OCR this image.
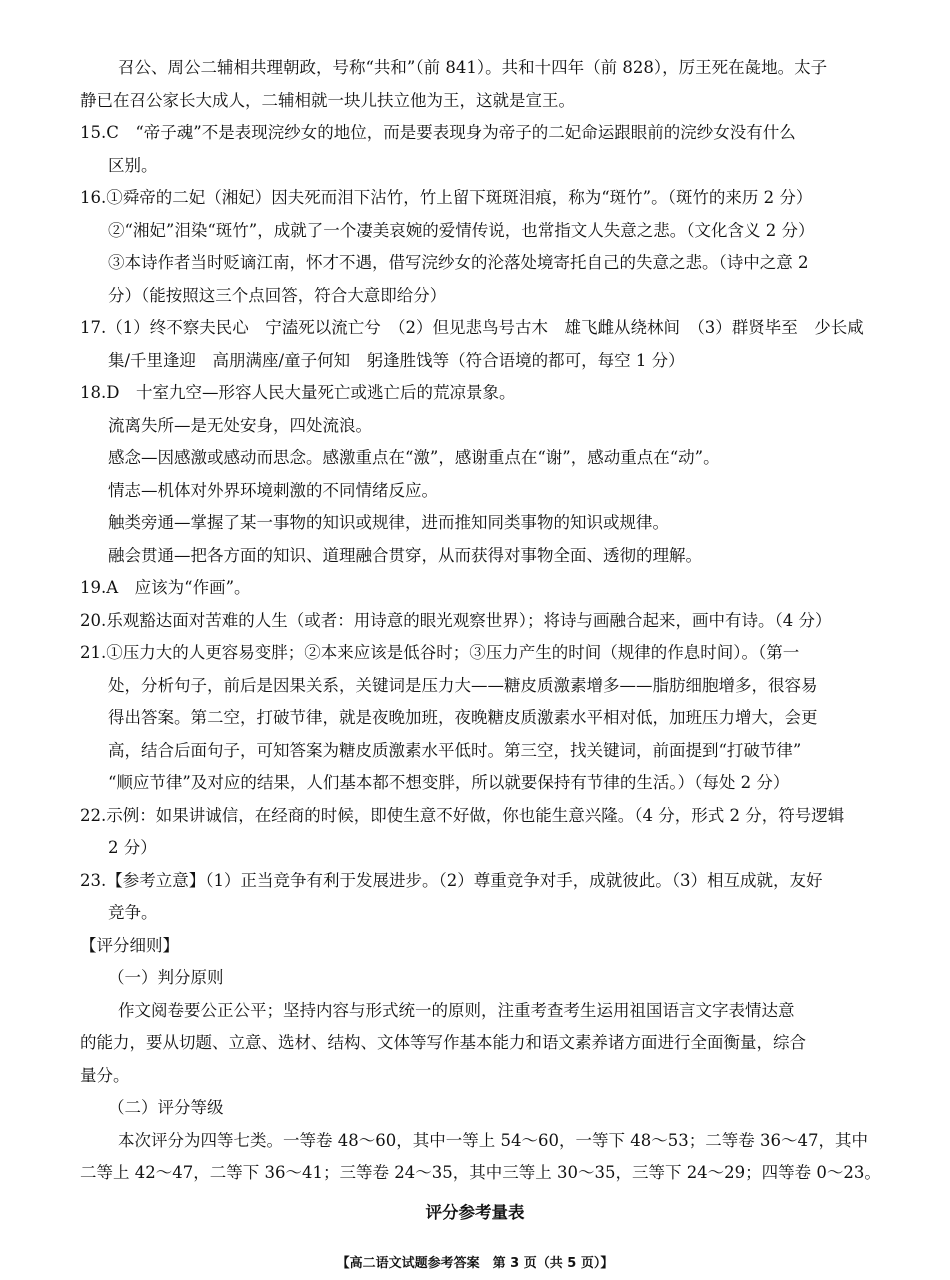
召公、周公二辅相共理朝政，号称“共和”（前 841）。共和十四年（前 828），厉王死在彘地。太子
静已在召公家长大成人，二辅相就一块儿扶立他为王，这就是宣王。
15.C　“帝子魂”不是表现浣纱女的地位，而是要表现身为帝子的二妃命运跟眼前的浣纱女没有什么
区别。
16.①舜帝的二妃（湘妃）因夫死而泪下沾竹，竹上留下斑斑泪痕，称为“斑竹”。（斑竹的来历 2 分）
②“湘妃”泪染“斑竹”，成就了一个凄美哀婉的爱情传说，也常指文人失意之悲。（文化含义 2 分）
③本诗作者当时贬谪江南，怀才不遇，借写浣纱女的沦落处境寄托自己的失意之悲。（诗中之意 2
分）（能按照这三个点回答，符合大意即给分）
17.（1）终不察夫民心　宁溘死以流亡兮　（2）但见悲鸟号古木　雄飞雌从绕林间　（3）群贤毕至　少长咸
集/千里逢迎　高朋满座/童子何知　躬逢胜饯等（符合语境的都可，每空 1 分）
18.D　十室九空—形容人民大量死亡或逃亡后的荒凉景象。
流离失所—是无处安身，四处流浪。
感念—因感激或感动而思念。感激重点在“激”，感谢重点在“谢”，感动重点在“动”。
情志—机体对外界环境刺激的不同情绪反应。
触类旁通—掌握了某一事物的知识或规律，进而推知同类事物的知识或规律。
融会贯通—把各方面的知识、道理融合贯穿，从而获得对事物全面、透彻的理解。
19.A　应该为“作画”。
20.乐观豁达面对苦难的人生（或者：用诗意的眼光观察世界）；将诗与画融合起来，画中有诗。（4 分）
21.①压力大的人更容易变胖；②本来应该是低谷时；③压力产生的时间（规律的作息时间）。（第一
处，分析句子，前后是因果关系，关键词是压力大——糖皮质激素增多——脂肪细胞增多，很容易
得出答案。第二空，打破节律，就是夜晚加班，夜晚糖皮质激素水平相对低，加班压力增大，会更
高，结合后面句子，可知答案为糖皮质激素水平低时。第三空，找关键词，前面提到“打破节律”
“顺应节律”及对应的结果，人们基本都不想变胖，所以就要保持有节律的生活。）（每处 2 分）
22.示例：如果讲诚信，在经商的时候，即使生意不好做，你也能生意兴隆。（4 分，形式 2 分，符号逻辑
2 分）
23.【参考立意】（1）正当竞争有利于发展进步。（2）尊重竞争对手，成就彼此。（3）相互成就，友好
竞争。
【评分细则】
（一）判分原则
作文阅卷要公正公平；坚持内容与形式统一的原则，注重考查考生运用祖国语言文字表情达意
的能力，要从切题、立意、选材、结构、文体等写作基本能力和语文素养诸方面进行全面衡量，综合
量分。
（二）评分等级
本次评分为四等七类。一等卷 48～60，其中一等上 54～60，一等下 48～53；二等卷 36～47，其中
二等上 42～47，二等下 36～41；三等卷 24～35，其中三等上 30～35，三等下 24～29；四等卷 0～23。
评分参考量表
【高二语文试题参考答案　第 3 页（共 5 页）】
